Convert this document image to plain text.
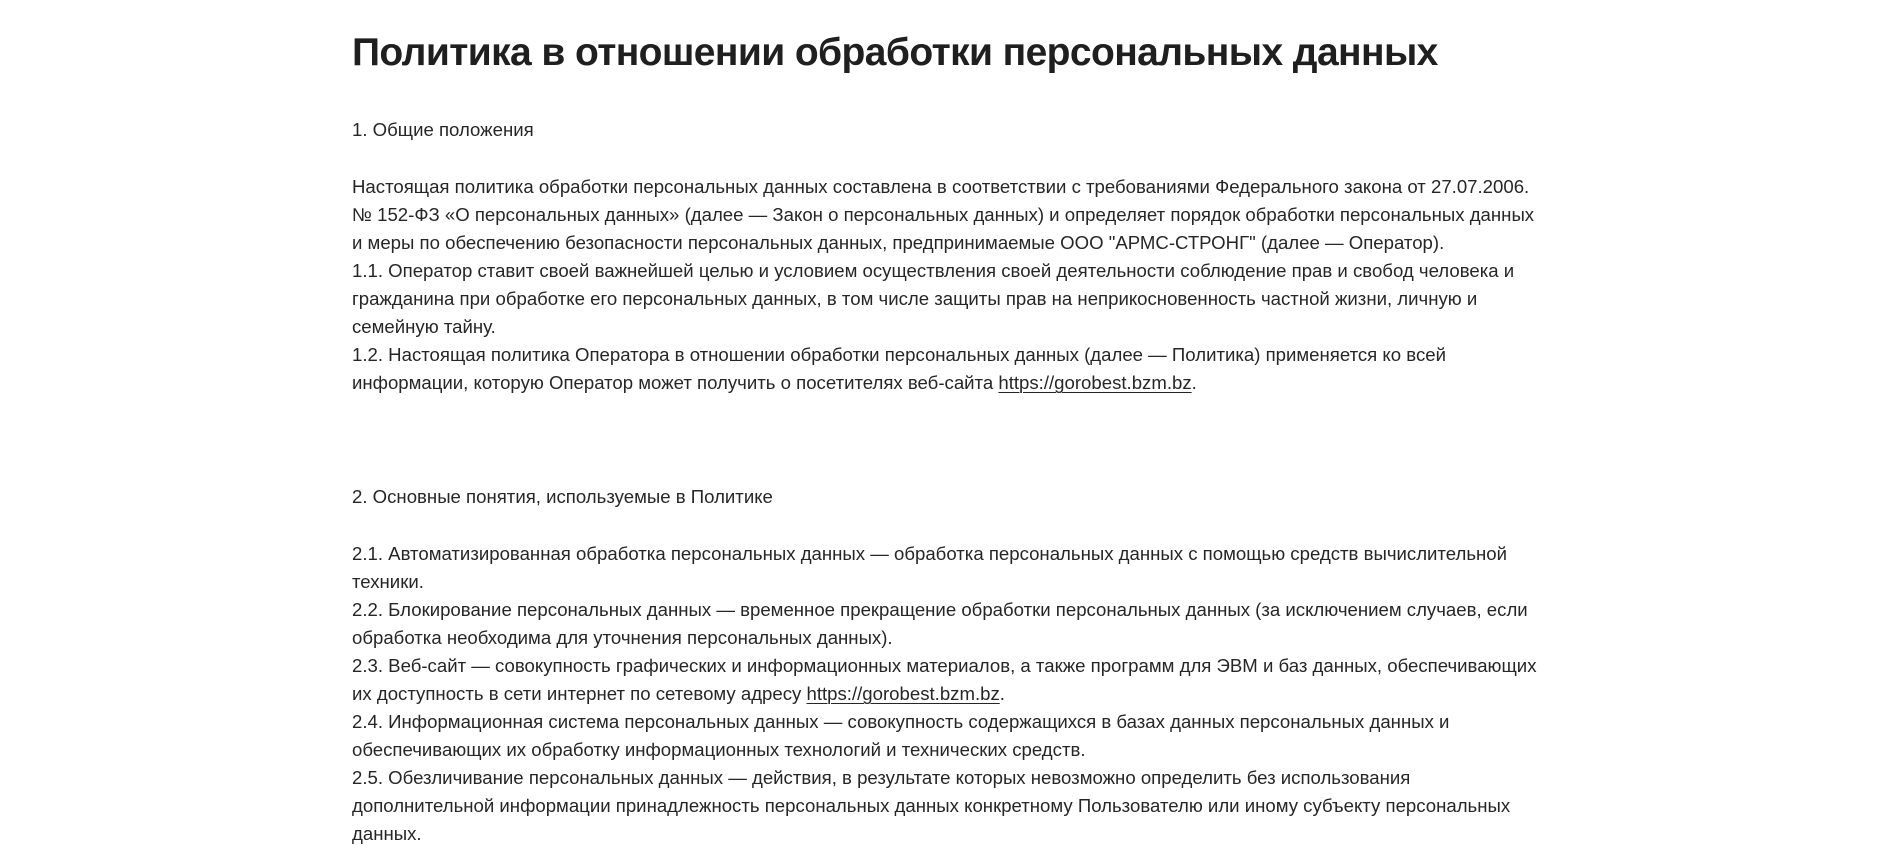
Политика в отношении обработки персональных данных
1. Общие положения
Настоящая политика обработки персональных данных составлена в соответствии с требованиями Федерального закона от 27.07.2006.
№ 152-ФЗ «О персональных данных» (далее — Закон о персональных данных) и определяет порядок обработки персональных данных
и меры по обеспечению безопасности персональных данных, предпринимаемые ООО "АРМС-СТРОНГ" (далее — Оператор).
1.1. Оператор ставит своей важнейшей целью и условием осуществления своей деятельности соблюдение прав и свобод человека и
гражданина при обработке его персональных данных, в том числе защиты прав на неприкосновенность частной жизни, личную и
семейную тайну.
1.2. Настоящая политика Оператора в отношении обработки персональных данных (далее — Политика) применяется ко всей
информации, которую Оператор может получить о посетителях веб-сайта https://gorobest.bzm.bz.
2. Основные понятия, используемые в Политике
2.1. Автоматизированная обработка персональных данных — обработка персональных данных с помощью средств вычислительной
техники.
2.2. Блокирование персональных данных — временное прекращение обработки персональных данных (за исключением случаев, если
обработка необходима для уточнения персональных данных).
2.3. Веб-сайт — совокупность графических и информационных материалов, а также программ для ЭВМ и баз данных, обеспечивающих
их доступность в сети интернет по сетевому адресу https://gorobest.bzm.bz.
2.4. Информационная система персональных данных — совокупность содержащихся в базах данных персональных данных и
обеспечивающих их обработку информационных технологий и технических средств.
2.5. Обезличивание персональных данных — действия, в результате которых невозможно определить без использования
дополнительной информации принадлежность персональных данных конкретному Пользователю или иному субъекту персональных
данных.
